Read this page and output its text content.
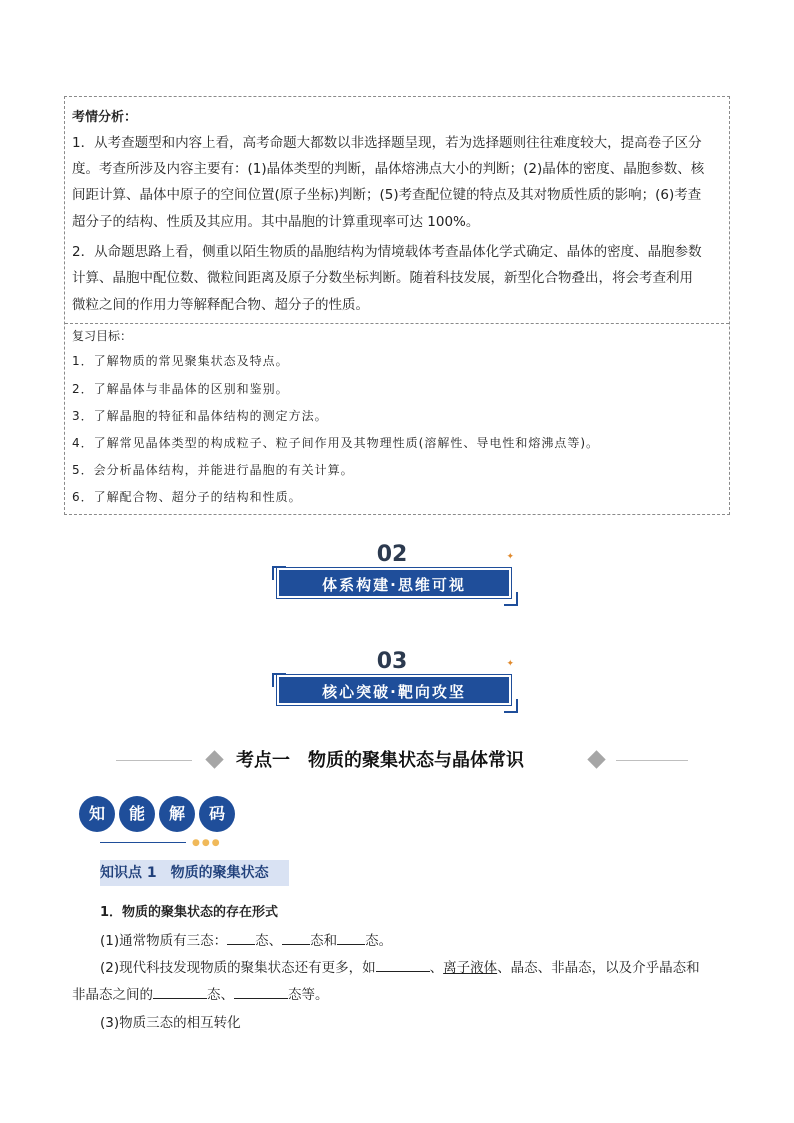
考情分析：
1．从考查题型和内容上看，高考命题大都数以非选择题呈现，若为选择题则往往难度较大，提高卷子区分
度。考查所涉及内容主要有：(1)晶体类型的判断，晶体熔沸点大小的判断；(2)晶体的密度、晶胞参数、核
间距计算、晶体中原子的空间位置(原子坐标)判断；(5)考查配位键的特点及其对物质性质的影响；(6)考查
超分子的结构、性质及其应用。其中晶胞的计算重现率可达 100%。
2．从命题思路上看，侧重以陌生物质的晶胞结构为情境载体考查晶体化学式确定、晶体的密度、晶胞参数
计算、晶胞中配位数、微粒间距离及原子分数坐标判断。随着科技发展，新型化合物叠出，将会考查利用
微粒之间的作用力等解释配合物、超分子的性质。
复习目标：
1．了解物质的常见聚集状态及特点。
2．了解晶体与非晶体的区别和鉴别。
3．了解晶胞的特征和晶体结构的测定方法。
4．了解常见晶体类型的构成粒子、粒子间作用及其物理性质(溶解性、导电性和熔沸点等)。
5．会分析晶体结构，并能进行晶胞的有关计算。
6．了解配合物、超分子的结构和性质。
02	✦
体系构建·思维可视
03	✦
核心突破·靶向攻坚
考点一　物质的聚集状态与晶体常识
知	能	解	码
●●●
知识点 1　物质的聚集状态
1．物质的聚集状态的存在形式
(1)通常物质有三态： 态、 态和 态。
(2)现代科技发现物质的聚集状态还有更多，如	、离子液体、晶态、非晶态，以及介乎晶态和
非晶态之间的	态、	态等。
(3)物质三态的相互转化
